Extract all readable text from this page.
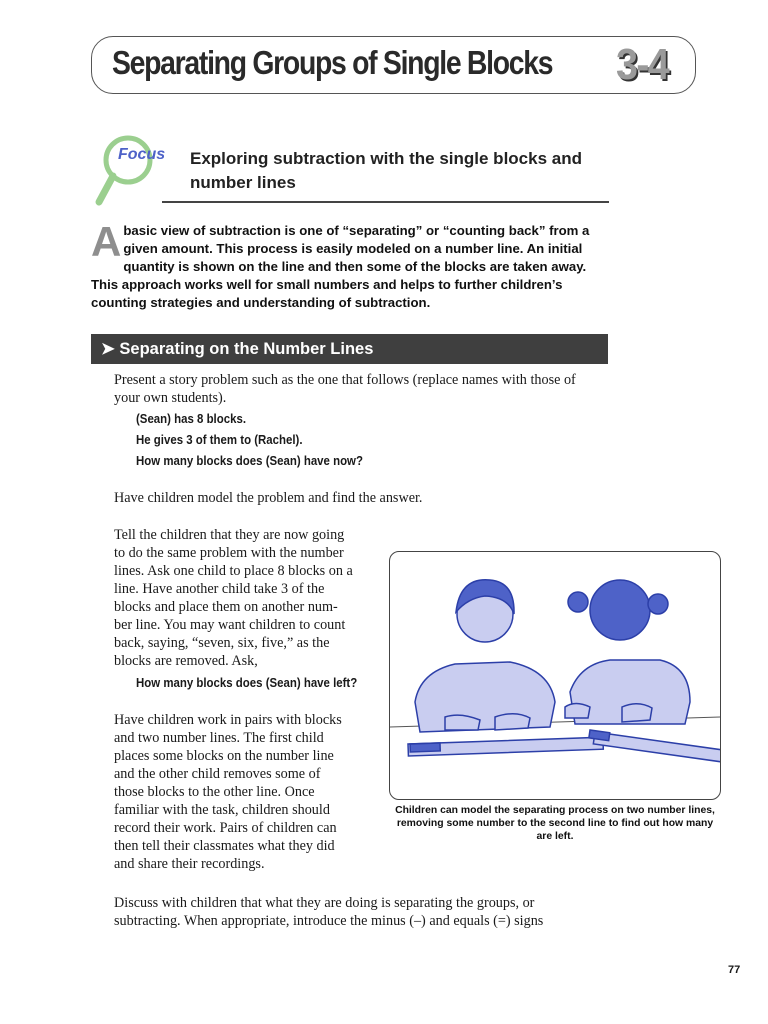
Separating Groups of Single Blocks 3-4
Focus Exploring subtraction with the single blocks and number lines
A basic view of subtraction is one of “separating” or “counting back” from a given amount. This process is easily modeled on a number line. An initial quantity is shown on the line and then some of the blocks are taken away. This approach works well for small numbers and helps to further children’s counting strategies and understanding of subtraction.
➤ Separating on the Number Lines
Present a story problem such as the one that follows (replace names with those of your own students).
(Sean) has 8 blocks.
He gives 3 of them to (Rachel).
How many blocks does (Sean) have now?
Have children model the problem and find the answer.
Tell the children that they are now going
to do the same problem with the number
lines. Ask one child to place 8 blocks on a
line. Have another child take 3 of the
blocks and place them on another num-
ber line. You may want children to count
back, saying, “seven, six, five,” as the
blocks are removed. Ask,
How many blocks does (Sean) have left?
Have children work in pairs with blocks
and two number lines. The first child
places some blocks on the number line
and the other child removes some of
those blocks to the other line. Once
familiar with the task, children should
record their work. Pairs of children can
then tell their classmates what they did
and share their recordings.
Discuss with children that what they are doing is separating the groups, or
subtracting. When appropriate, introduce the minus (–) and equals (=) signs
Children can model the separating process on two number lines, removing some number to the second line to find out how many are left.
77
